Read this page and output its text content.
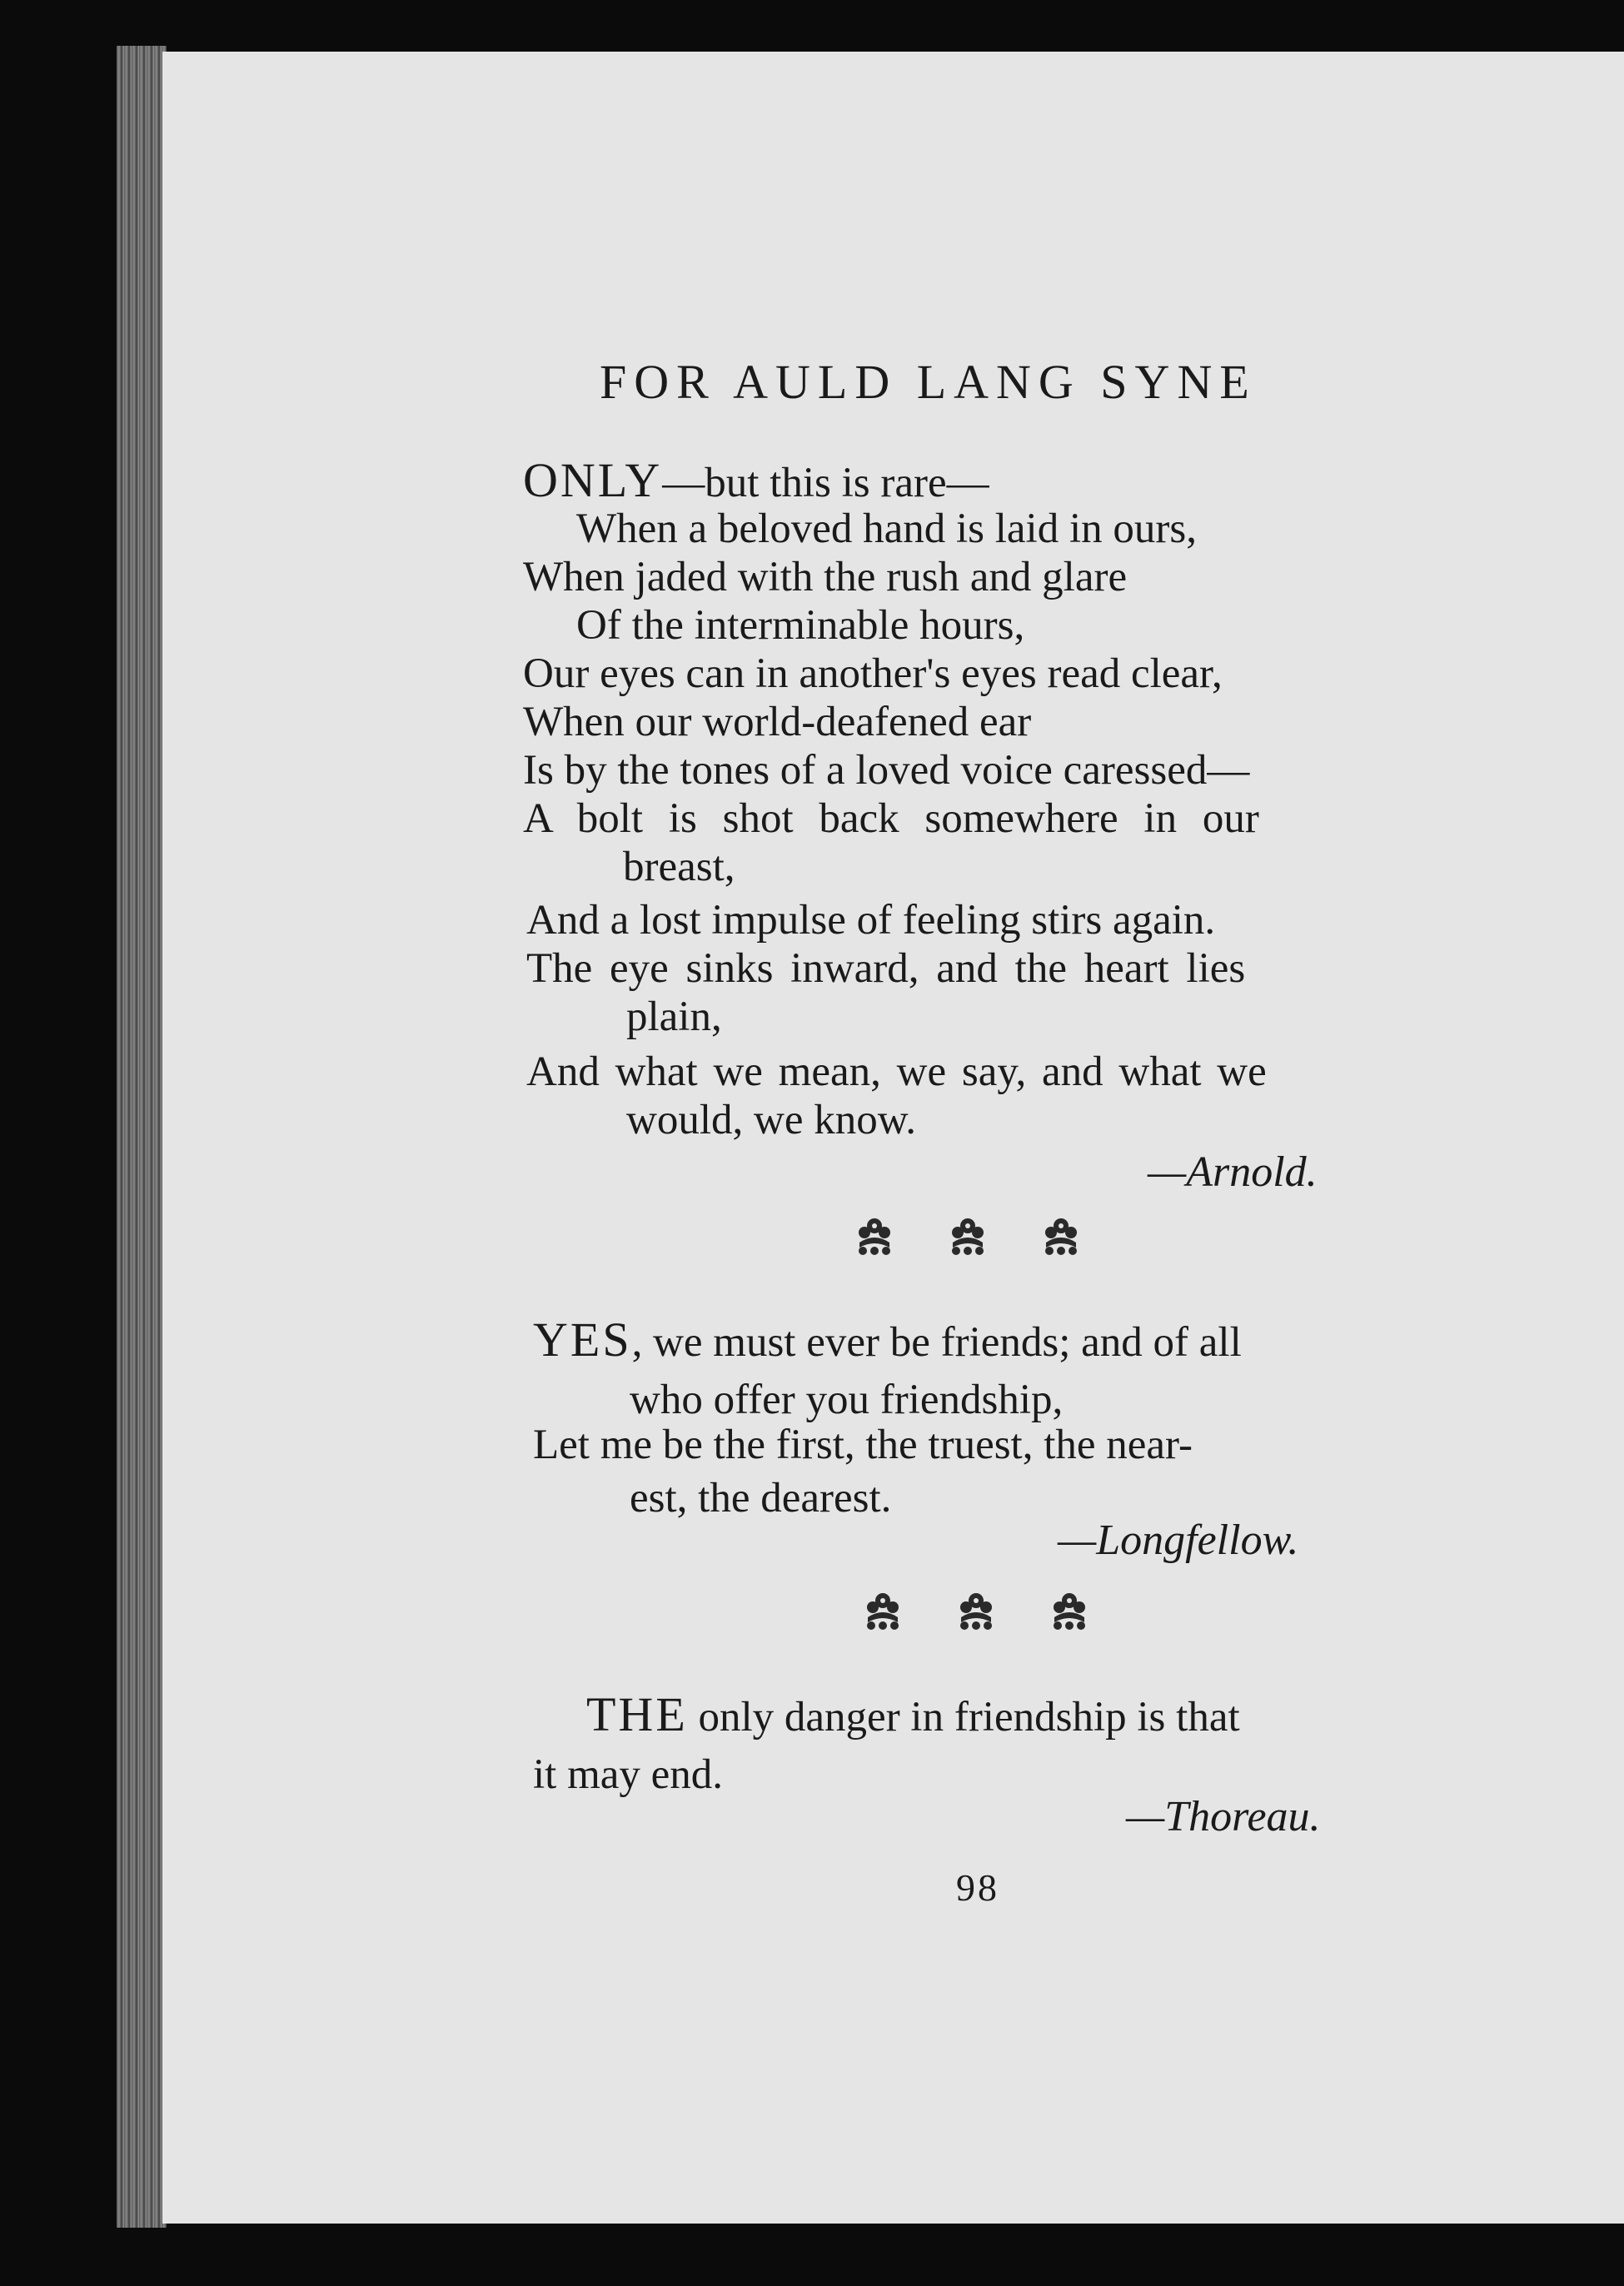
FOR AULD LANG SYNE
ONLY—but this is rare—
When a beloved hand is laid in ours,
When jaded with the rush and glare
Of the interminable hours,
Our eyes can in another's eyes read clear,
When our world-deafened ear
Is by the tones of a loved voice caressed—
A bolt is shot back somewhere in our
breast,
And a lost impulse of feeling stirs again.
The eye sinks inward, and the heart lies
plain,
And what we mean, we say, and what we
would, we know.
—Arnold.
YES, we must ever be friends; and of all
who offer you friendship,
Let me be the first, the truest, the near-
est, the dearest.
—Longfellow.
THE only danger in friendship is that
it may end.
—Thoreau.
98
